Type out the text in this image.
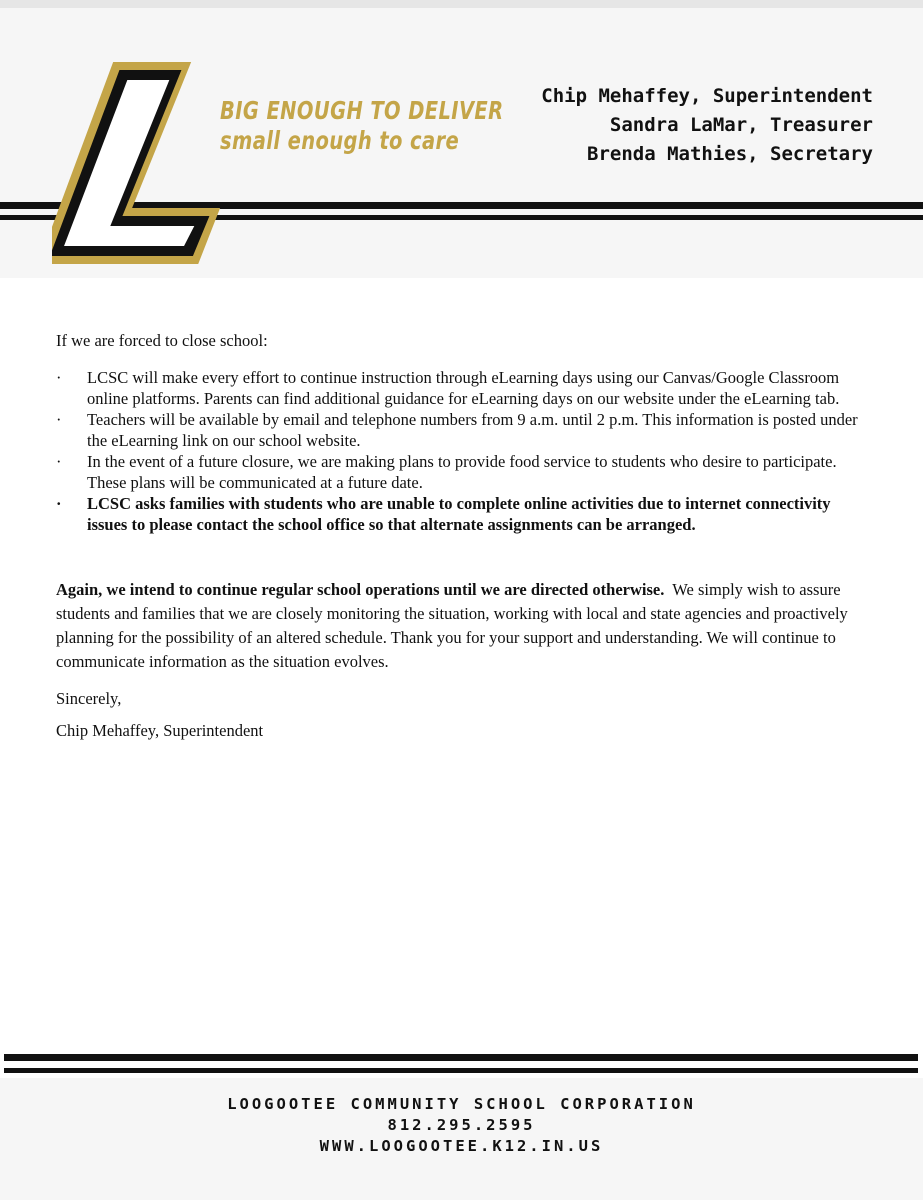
BIG ENOUGH TO DELIVER
small enough to care
Chip Mehaffey, Superintendent
Sandra LaMar, Treasurer
Brenda Mathies, Secretary
If we are forced to close school:
· LCSC will make every effort to continue instruction through eLearning days using our Canvas/Google Classroom online platforms. Parents can find additional guidance for eLearning days on our website under the eLearning tab.
· Teachers will be available by email and telephone numbers from 9 a.m. until 2 p.m. This information is posted under the eLearning link on our school website.
· In the event of a future closure, we are making plans to provide food service to students who desire to participate. These plans will be communicated at a future date.
· LCSC asks families with students who are unable to complete online activities due to internet connectivity issues to please contact the school office so that alternate assignments can be arranged.
Again, we intend to continue regular school operations until we are directed otherwise. We simply wish to assure students and families that we are closely monitoring the situation, working with local and state agencies and proactively planning for the possibility of an altered schedule. Thank you for your support and understanding. We will continue to communicate information as the situation evolves.
Sincerely,
Chip Mehaffey, Superintendent
LOOGOOTEE COMMUNITY SCHOOL CORPORATION
812.295.2595
WWW.LOOGOOTEE.K12.IN.US
